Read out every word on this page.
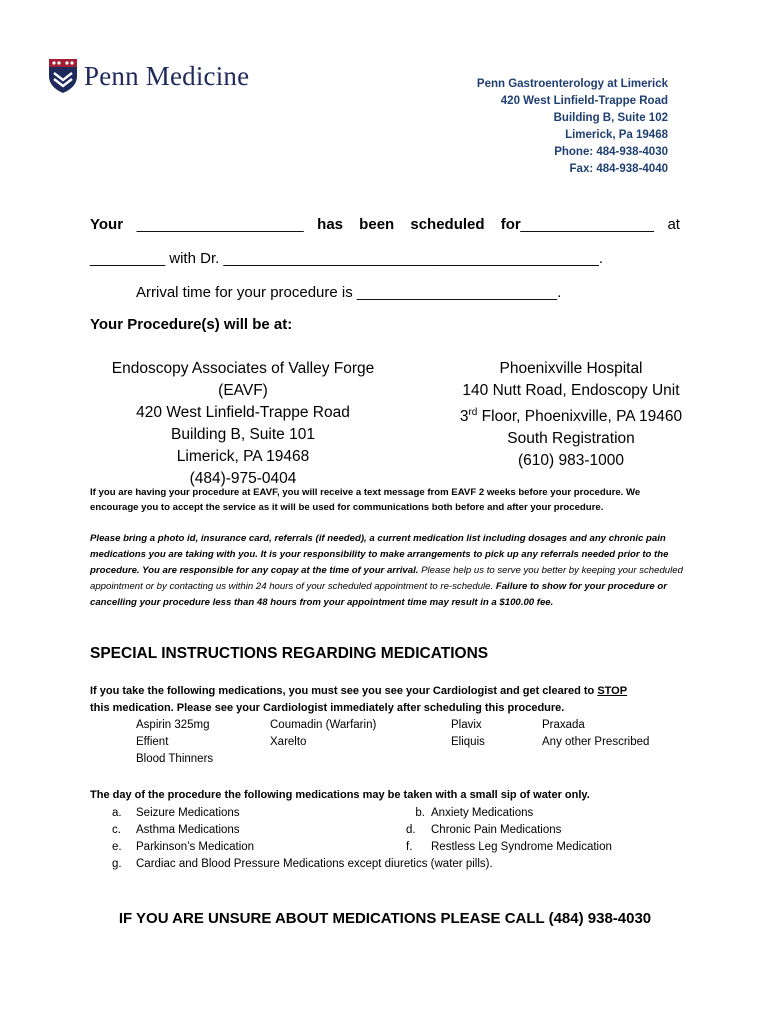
Penn Medicine	Penn Gastroenterology at Limerick
420 West Linfield-Trappe Road
Building B, Suite 102
Limerick, Pa 19468
Phone: 484-938-4030
Fax: 484-938-4040
Your ____________________ has been scheduled for ________________ at
_________ with Dr. _____________________________________________.
Arrival time for your procedure is ________________________.
Your Procedure(s) will be at:
Endoscopy Associates of Valley Forge (EAVF)
420 West Linfield-Trappe Road
Building B, Suite 101
Limerick, PA 19468
(484)-975-0404
Phoenixville Hospital
140 Nutt Road, Endoscopy Unit
3rd Floor, Phoenixville, PA 19460
South Registration
(610) 983-1000
If you are having your procedure at EAVF, you will receive a text message from EAVF 2 weeks before your procedure. We encourage you to accept the service as it will be used for communications both before and after your procedure.
Please bring a photo id, insurance card, referrals (if needed), a current medication list including dosages and any chronic pain medications you are taking with you. It is your responsibility to make arrangements to pick up any referrals needed prior to the procedure. You are responsible for any copay at the time of your arrival. Please help us to serve you better by keeping your scheduled appointment or by contacting us within 24 hours of your scheduled appointment to re-schedule. Failure to show for your procedure or cancelling your procedure less than 48 hours from your appointment time may result in a $100.00 fee.
SPECIAL INSTRUCTIONS REGARDING MEDICATIONS
If you take the following medications, you must see you see your Cardiologist and get cleared to STOP
this medication. Please see your Cardiologist immediately after scheduling this procedure.
Aspirin 325mg	Coumadin (Warfarin)	Plavix	Praxada
Effient	Xarelto	Eliquis	Any other Prescribed
Blood Thinners
The day of the procedure the following medications may be taken with a small sip of water only.
a.	Seizure Medications	b. Anxiety Medications
c.	Asthma Medications	d.	Chronic Pain Medications
e.	Parkinson’s Medication	f.	Restless Leg Syndrome Medication
g.	Cardiac and Blood Pressure Medications except diuretics (water pills).
IF YOU ARE UNSURE ABOUT MEDICATIONS PLEASE CALL (484) 938-4030
